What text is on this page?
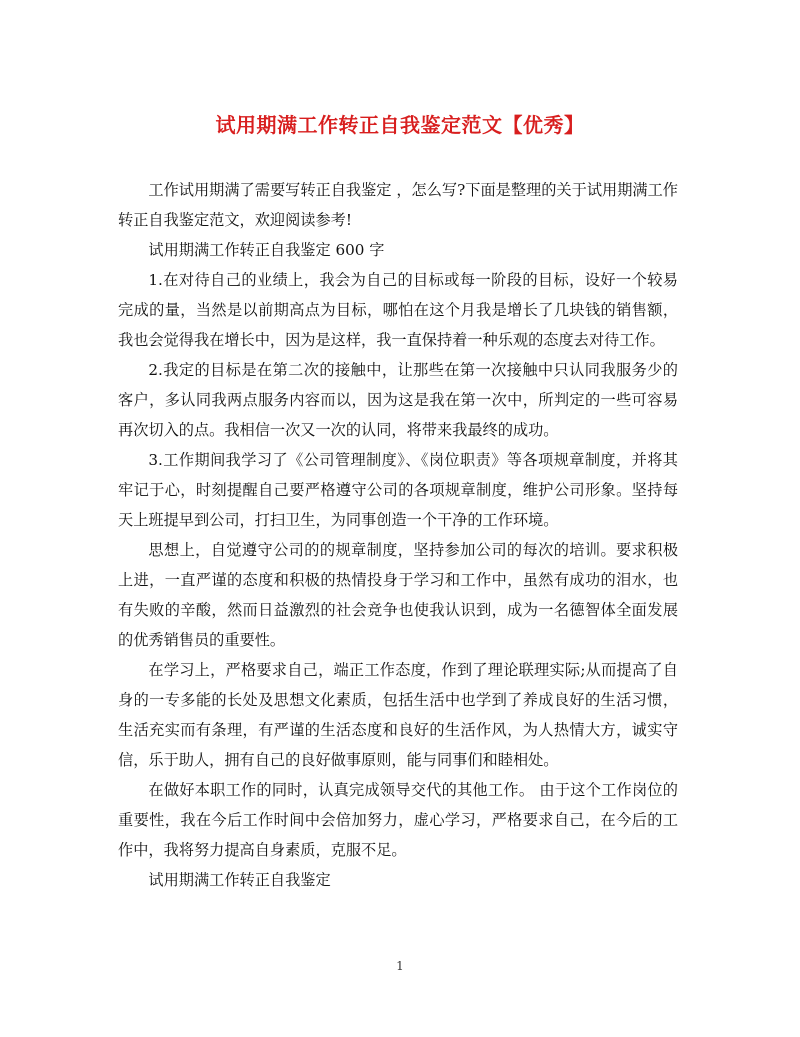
试用期满工作转正自我鉴定范文【优秀】

工作试用期满了需要写转正自我鉴定 ，怎么写?下面是整理的关于试用期满工作转正自我鉴定范文，欢迎阅读参考!

试用期满工作转正自我鉴定 600 字

1.在对待自己的业绩上，我会为自己的目标或每一阶段的目标，设好一个较易完成的量，当然是以前期高点为目标，哪怕在这个月我是增长了几块钱的销售额，我也会觉得我在增长中，因为是这样，我一直保持着一种乐观的态度去对待工作。

2.我定的目标是在第二次的接触中，让那些在第一次接触中只认同我服务少的客户，多认同我两点服务内容而以，因为这是我在第一次中，所判定的一些可容易再次切入的点。我相信一次又一次的认同，将带来我最终的成功。

3.工作期间我学习了《公司管理制度》、《岗位职责》等各项规章制度，并将其牢记于心，时刻提醒自己要严格遵守公司的各项规章制度，维护公司形象。坚持每天上班提早到公司，打扫卫生，为同事创造一个干净的工作环境。

思想上，自觉遵守公司的的规章制度，坚持参加公司的每次的培训。要求积极上进，一直严谨的态度和积极的热情投身于学习和工作中，虽然有成功的泪水，也有失败的辛酸，然而日益激烈的社会竞争也使我认识到，成为一名德智体全面发展的优秀销售员的重要性。

在学习上，严格要求自己，端正工作态度，作到了理论联理实际;从而提高了自身的一专多能的长处及思想文化素质，包括生活中也学到了养成良好的生活习惯，生活充实而有条理，有严谨的生活态度和良好的生活作风，为人热情大方，诚实守信，乐于助人，拥有自己的良好做事原则，能与同事们和睦相处。

在做好本职工作的同时，认真完成领导交代的其他工作。 由于这个工作岗位的重要性，我在今后工作时间中会倍加努力，虚心学习，严格要求自己，在今后的工作中，我将努力提高自身素质，克服不足。

试用期满工作转正自我鉴定

1
